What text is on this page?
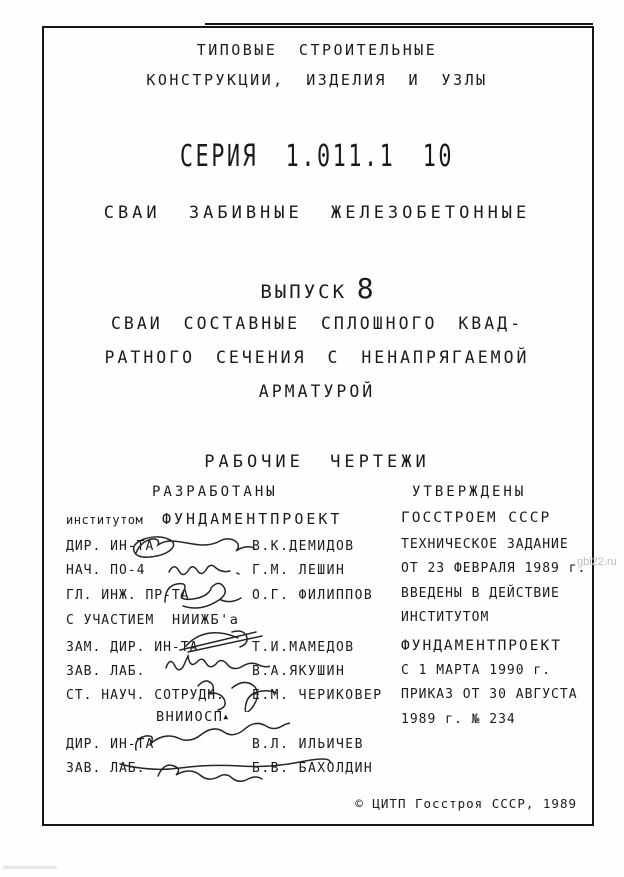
ТИПОВЫЕ СТРОИТЕЛЬНЫЕ
КОНСТРУКЦИИ, ИЗДЕЛИЯ И УЗЛЫ
СЕРИЯ 1.011.1 10
СВАИ ЗАБИВНЫЕ ЖЕЛЕЗОБЕТОННЫЕ
ВЫПУСК 8
СВАИ СОСТАВНЫЕ СПЛОШНОГО КВАД-
РАТНОГО СЕЧЕНИЯ С НЕНАПРЯГАЕМОЙ
АРМАТУРОЙ
РАБОЧИЕ ЧЕРТЕЖИ
РАЗРАБОТАНЫ	УТВЕРЖДЕНЫ
институтом ФУНДАМЕНТПРОЕКТ
ДИР. ИН-ТА	В.К.ДЕМИДОВ
НАЧ. ПО-4	Г.М. ЛЕШИН
ГЛ. ИНЖ. ПР-ТА	О.Г. ФИЛИППОВ
С УЧАСТИЕМ НИИЖБ'а
ЗАМ. ДИР. ИН-ТА	Т.И.МАМЕДОВ
ЗАВ. ЛАБ.	В.А.ЯКУШИН
СТ. НАУЧ. СОТРУДН. Е.М. ЧЕРИКОВЕР
ВНИИОСП▲
ДИР. ИН-ТА	В.Л. ИЛЬИЧЕВ
ЗАВ. ЛАБ.	Б.В. БАХОЛДИН
ГОССТРОЕМ СССР
ТЕХНИЧЕСКОЕ ЗАДАНИЕ
ОТ 23 ФЕВРАЛЯ 1989 г.
ВВЕДЕНЫ В ДЕЙСТВИЕ
ИНСТИТУТОМ
ФУНДАМЕНТПРОЕКТ
С 1 МАРТА 1990 г.
ПРИКАЗ ОТ 30 АВГУСТА
1989 г. № 234
© ЦИТП Госстроя СССР, 1989
gbi22.ru
